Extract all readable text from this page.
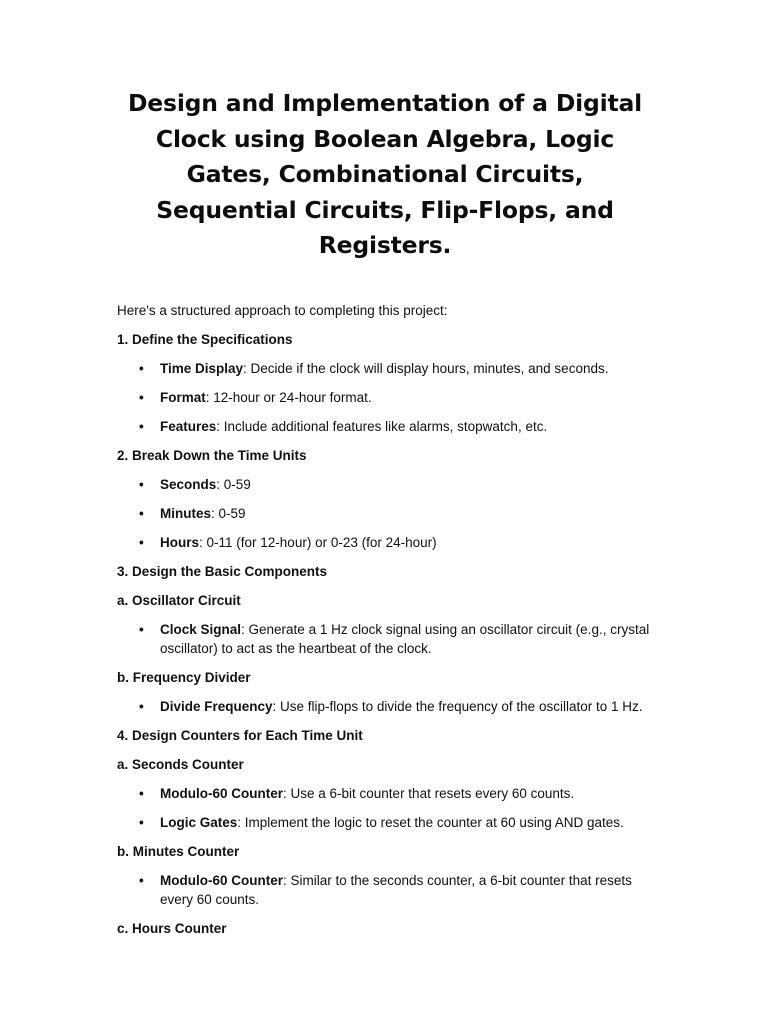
Design and Implementation of a Digital Clock using Boolean Algebra, Logic Gates, Combinational Circuits, Sequential Circuits, Flip-Flops, and Registers.

Here's a structured approach to completing this project:

1. Define the Specifications

• Time Display: Decide if the clock will display hours, minutes, and seconds.
• Format: 12-hour or 24-hour format.
• Features: Include additional features like alarms, stopwatch, etc.

2. Break Down the Time Units

• Seconds: 0-59
• Minutes: 0-59
• Hours: 0-11 (for 12-hour) or 0-23 (for 24-hour)

3. Design the Basic Components

a. Oscillator Circuit

• Clock Signal: Generate a 1 Hz clock signal using an oscillator circuit (e.g., crystal oscillator) to act as the heartbeat of the clock.

b. Frequency Divider

• Divide Frequency: Use flip-flops to divide the frequency of the oscillator to 1 Hz.

4. Design Counters for Each Time Unit

a. Seconds Counter

• Modulo-60 Counter: Use a 6-bit counter that resets every 60 counts.
• Logic Gates: Implement the logic to reset the counter at 60 using AND gates.

b. Minutes Counter

• Modulo-60 Counter: Similar to the seconds counter, a 6-bit counter that resets every 60 counts.

c. Hours Counter
